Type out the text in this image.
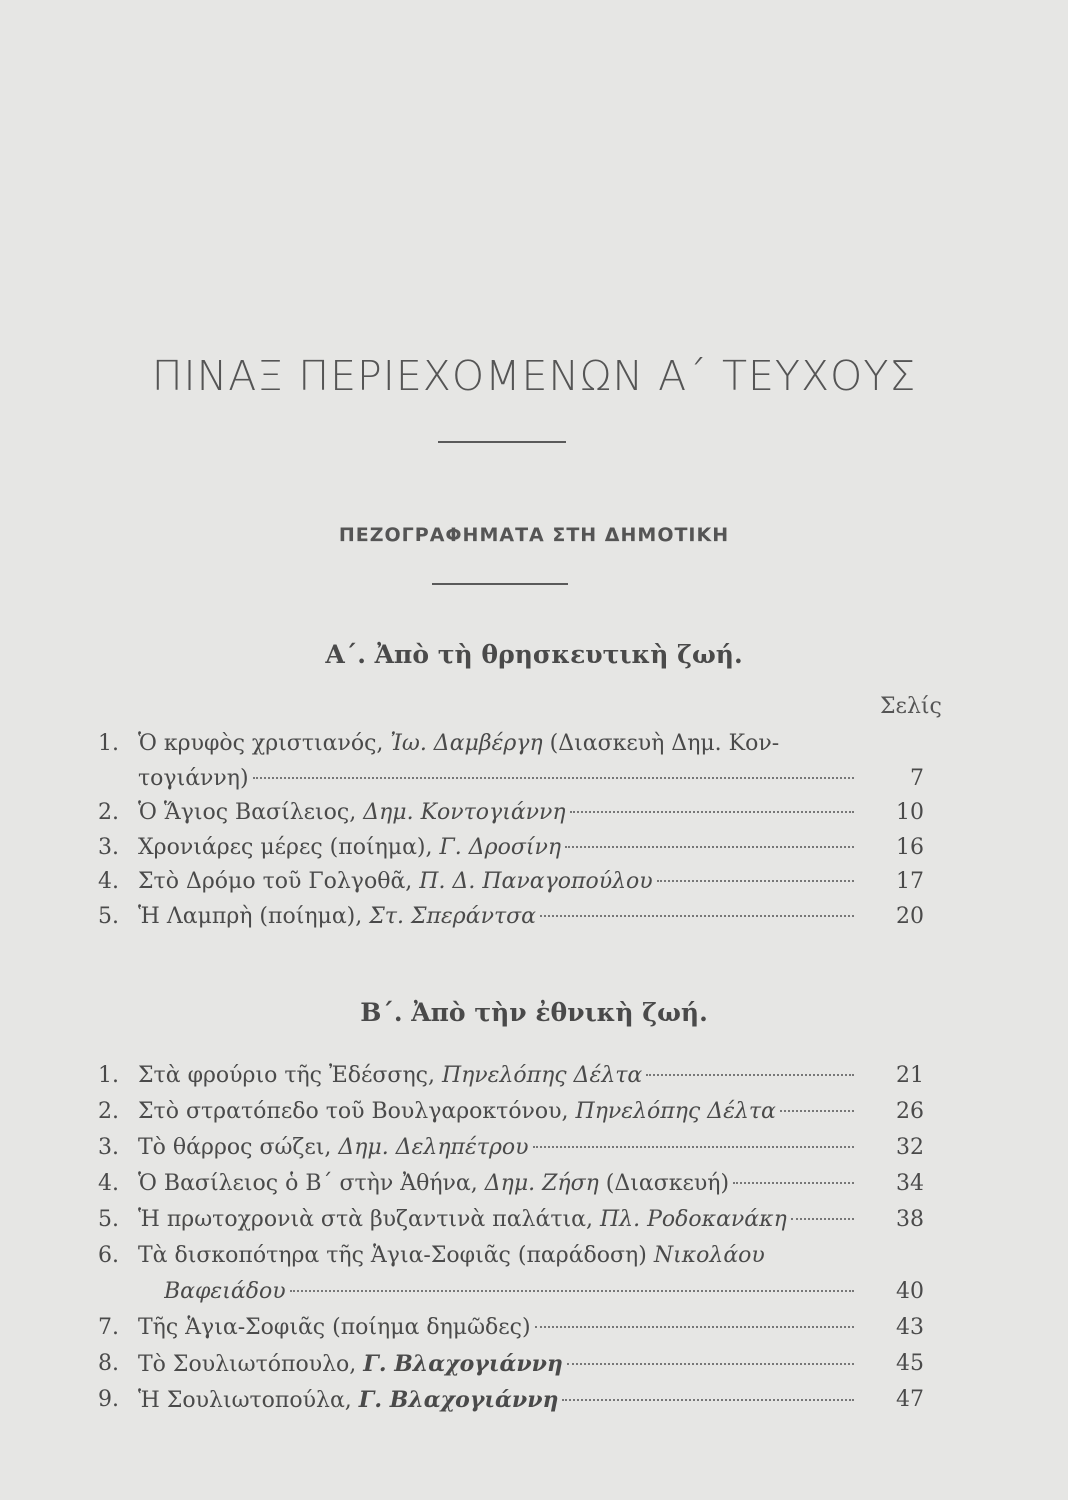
ΠΙΝΑΞ ΠΕΡΙΕΧΟΜΕΝΩΝ Α΄ ΤΕΥΧΟΥΣ
ΠΕΖΟΓΡΑΦΗΜΑΤΑ ΣΤΗ ΔΗΜΟΤΙΚΗ
Α΄. Ἀπὸ τὴ θρησκευτικὴ ζωή.
Σελίς
1. Ὁ κρυφὸς χριστιανός, Ἰω. Δαμβέργη (Διασκευὴ Δημ. Κον-
τογιάννη)	7
2. Ὁ Ἅγιος Βασίλειος, Δημ. Κοντογιάννη	10
3. Χρονιάρες μέρες (ποίημα), Γ. Δροσίνη	16
4. Στὸ Δρόμο τοῦ Γολγοθᾶ, Π. Δ. Παναγοπούλου	17
5. Ἡ Λαμπρὴ (ποίημα), Στ. Σπεράντσα	20
Β΄. Ἀπὸ τὴν ἐθνικὴ ζωή.
1. Στὰ φρούριο τῆς Ἐδέσσης, Πηνελόπης Δέλτα	21
2. Στὸ στρατόπεδο τοῦ Βουλγαροκτόνου, Πηνελόπης Δέλτα	26
3. Τὸ θάρρος σώζει, Δημ. Δεληπέτρου	32
4. Ὁ Βασίλειος ὁ Β΄ στὴν Ἀθήνα, Δημ. Ζήση (Διασκευή)	34
5. Ἡ πρωτοχρονιὰ στὰ βυζαντινὰ παλάτια, Πλ. Ροδοκανάκη	38
6. Τὰ δισκοπότηρα τῆς Ἁγια-Σοφιᾶς (παράδοση) Νικολάου
Βαφειάδου	40
7. Τῆς Ἁγια-Σοφιᾶς (ποίημα δημῶδες)	43
8. Τὸ Σουλιωτόπουλο, Γ. Βλαχογιάννη	45
9. Ἡ Σουλιωτοπούλα, Γ. Βλαχογιάννη	47
